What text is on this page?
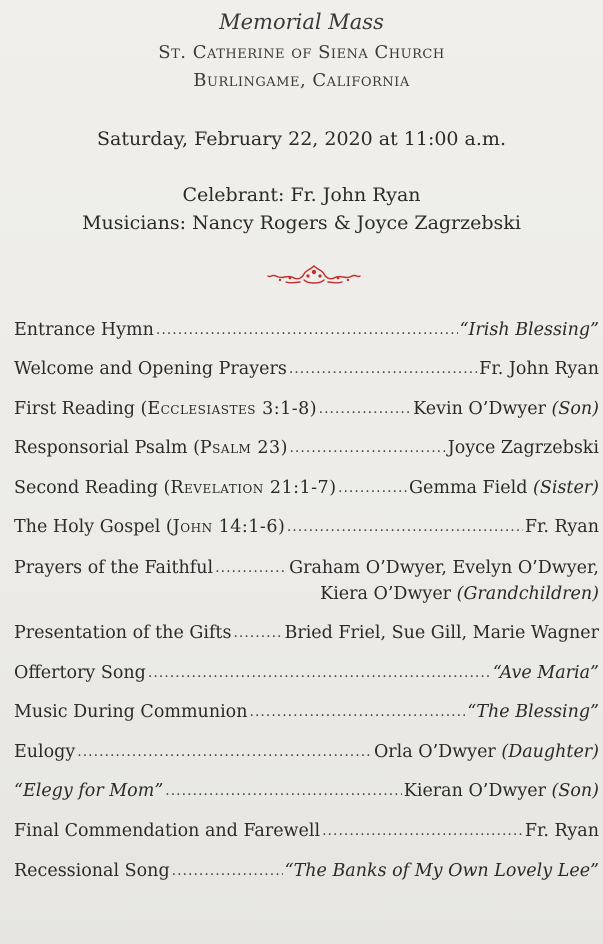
Memorial Mass
St. Catherine of Siena Church
Burlingame, California
Saturday, February 22, 2020 at 11:00 a.m.
Celebrant: Fr. John Ryan
Musicians: Nancy Rogers & Joyce Zagrzebski
Entrance Hymn .....	“Irish Blessing”
Welcome and Opening Prayers .....	Fr. John Ryan
First Reading (Ecclesiastes 3:1-8) .....	Kevin O’Dwyer (Son)
Responsorial Psalm (Psalm 23) .....	Joyce Zagrzebski
Second Reading (Revelation 21:1-7) .....	Gemma Field (Sister)
The Holy Gospel (John 14:1-6) .....	Fr. Ryan
Prayers of the Faithful .....	Graham O’Dwyer, Evelyn O’Dwyer,
Kiera O’Dwyer (Grandchildren)
Presentation of the Gifts .....	Bried Friel, Sue Gill, Marie Wagner
Offertory Song .....	“Ave Maria”
Music During Communion .....	“The Blessing”
Eulogy .....	Orla O’Dwyer (Daughter)
“Elegy for Mom” .....	Kieran O’Dwyer (Son)
Final Commendation and Farewell .....	Fr. Ryan
Recessional Song .....	“The Banks of My Own Lovely Lee”
